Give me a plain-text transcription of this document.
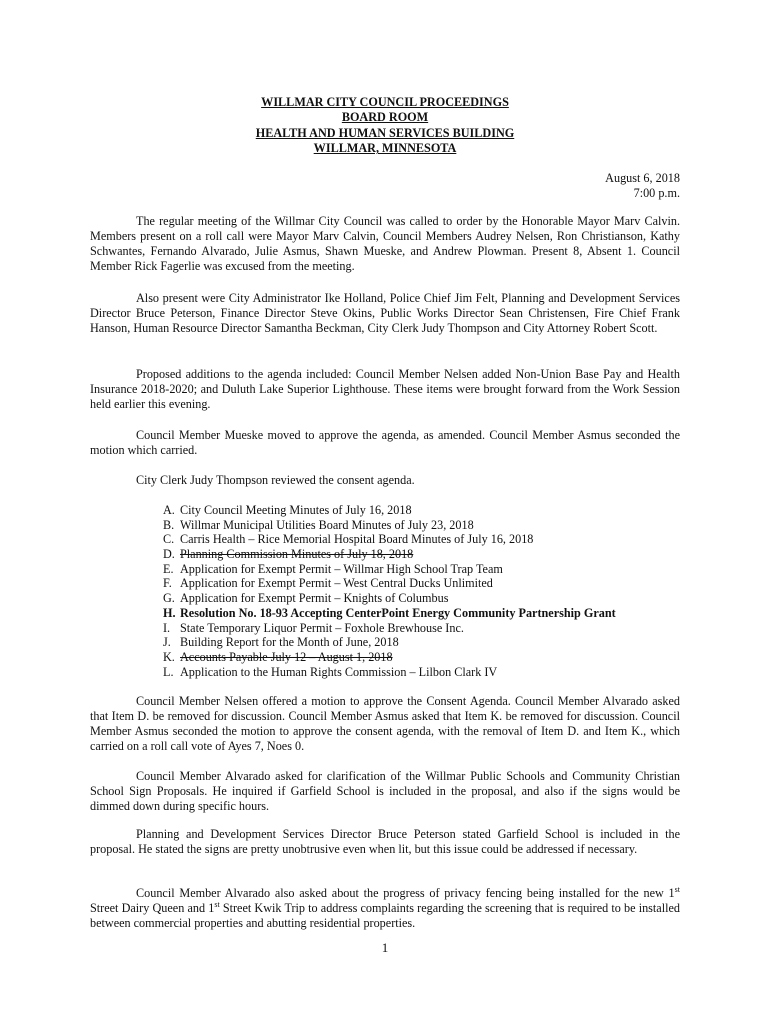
WILLMAR CITY COUNCIL PROCEEDINGS
BOARD ROOM
HEALTH AND HUMAN SERVICES BUILDING
WILLMAR, MINNESOTA
August 6, 2018
7:00 p.m.
The regular meeting of the Willmar City Council was called to order by the Honorable Mayor Marv Calvin. Members present on a roll call were Mayor Marv Calvin, Council Members Audrey Nelsen, Ron Christianson, Kathy Schwantes, Fernando Alvarado, Julie Asmus, Shawn Mueske, and Andrew Plowman. Present 8, Absent 1. Council Member Rick Fagerlie was excused from the meeting.
Also present were City Administrator Ike Holland, Police Chief Jim Felt, Planning and Development Services Director Bruce Peterson, Finance Director Steve Okins, Public Works Director Sean Christensen, Fire Chief Frank Hanson, Human Resource Director Samantha Beckman, City Clerk Judy Thompson and City Attorney Robert Scott.
Proposed additions to the agenda included: Council Member Nelsen added Non-Union Base Pay and Health Insurance 2018-2020; and Duluth Lake Superior Lighthouse. These items were brought forward from the Work Session held earlier this evening.
Council Member Mueske moved to approve the agenda, as amended. Council Member Asmus seconded the motion which carried.
City Clerk Judy Thompson reviewed the consent agenda.
A. City Council Meeting Minutes of July 16, 2018
B. Willmar Municipal Utilities Board Minutes of July 23, 2018
C. Carris Health – Rice Memorial Hospital Board Minutes of July 16, 2018
D. Planning Commission Minutes of July 18, 2018
E. Application for Exempt Permit – Willmar High School Trap Team
F. Application for Exempt Permit – West Central Ducks Unlimited
G. Application for Exempt Permit – Knights of Columbus
H. Resolution No. 18-93 Accepting CenterPoint Energy Community Partnership Grant
I. State Temporary Liquor Permit – Foxhole Brewhouse Inc.
J. Building Report for the Month of June, 2018
K. Accounts Payable July 12 – August 1, 2018
L. Application to the Human Rights Commission – Lilbon Clark IV
Council Member Nelsen offered a motion to approve the Consent Agenda. Council Member Alvarado asked that Item D. be removed for discussion. Council Member Asmus asked that Item K. be removed for discussion. Council Member Asmus seconded the motion to approve the consent agenda, with the removal of Item D. and Item K., which carried on a roll call vote of Ayes 7, Noes 0.
Council Member Alvarado asked for clarification of the Willmar Public Schools and Community Christian School Sign Proposals. He inquired if Garfield School is included in the proposal, and also if the signs would be dimmed down during specific hours.
Planning and Development Services Director Bruce Peterson stated Garfield School is included in the proposal. He stated the signs are pretty unobtrusive even when lit, but this issue could be addressed if necessary.
Council Member Alvarado also asked about the progress of privacy fencing being installed for the new 1st Street Dairy Queen and 1st Street Kwik Trip to address complaints regarding the screening that is required to be installed between commercial properties and abutting residential properties.
1
